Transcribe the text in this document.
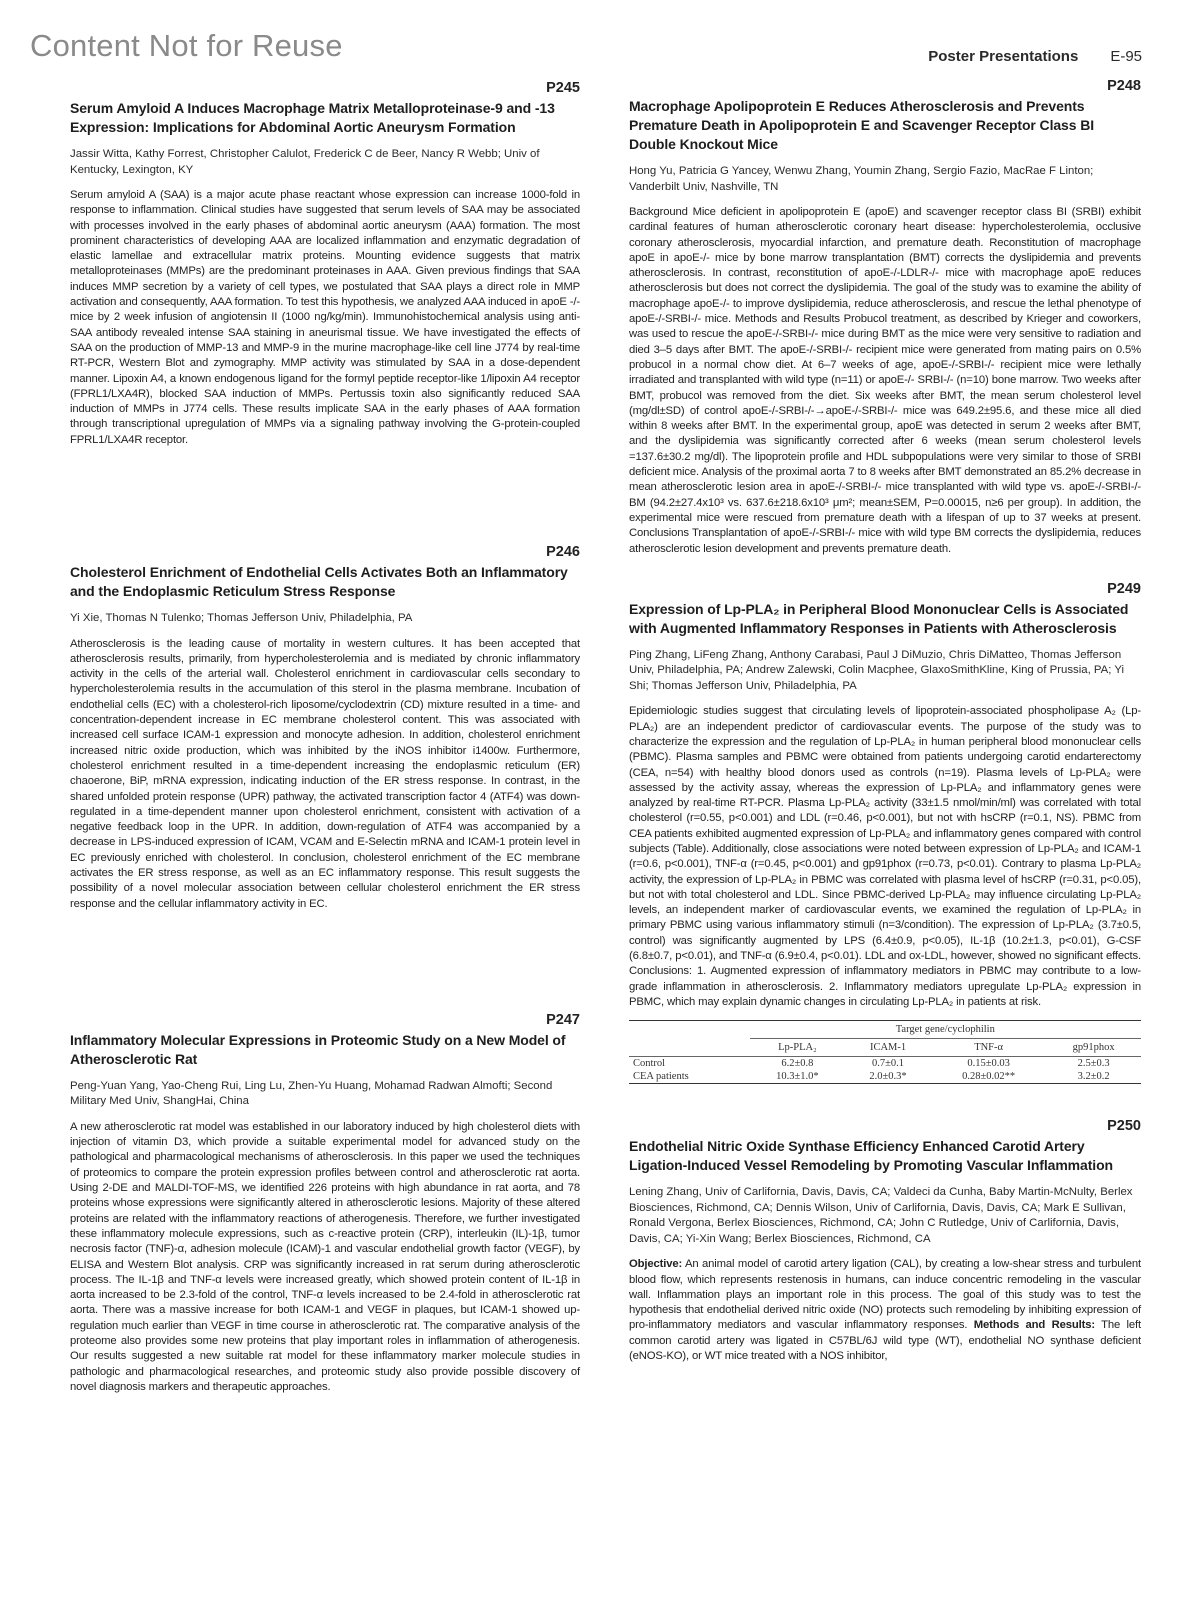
Content Not for Reuse	Poster Presentations E-95
P245
Serum Amyloid A Induces Macrophage Matrix Metalloproteinase-9 and -13 Expression: Implications for Abdominal Aortic Aneurysm Formation
Jassir Witta, Kathy Forrest, Christopher Calulot, Frederick C de Beer, Nancy R Webb; Univ of Kentucky, Lexington, KY

Serum amyloid A (SAA) is a major acute phase reactant whose expression can increase 1000-fold in response to inflammation. Clinical studies have suggested that serum levels of SAA may be associated with processes involved in the early phases of abdominal aortic aneurysm (AAA) formation. The most prominent characteristics of developing AAA are localized inflammation and enzymatic degradation of elastic lamellae and extracellular matrix proteins. Mounting evidence suggests that matrix metalloproteinases (MMPs) are the predominant proteinases in AAA. Given previous findings that SAA induces MMP secretion by a variety of cell types, we postulated that SAA plays a direct role in MMP activation and consequently, AAA formation. To test this hypothesis, we analyzed AAA induced in apoE -/- mice by 2 week infusion of angiotensin II (1000 ng/kg/min). Immunohistochemical analysis using anti-SAA antibody revealed intense SAA staining in aneurismal tissue. We have investigated the effects of SAA on the production of MMP-13 and MMP-9 in the murine macrophage-like cell line J774 by real-time RT-PCR, Western Blot and zymography. MMP activity was stimulated by SAA in a dose-dependent manner. Lipoxin A4, a known endogenous ligand for the formyl peptide receptor-like 1/lipoxin A4 receptor (FPRL1/LXA4R), blocked SAA induction of MMPs. Pertussis toxin also significantly reduced SAA induction of MMPs in J774 cells. These results implicate SAA in the early phases of AAA formation through transcriptional upregulation of MMPs via a signaling pathway involving the G-protein-coupled FPRL1/LXA4R receptor.

P246
Cholesterol Enrichment of Endothelial Cells Activates Both an Inflammatory and the Endoplasmic Reticulum Stress Response
Yi Xie, Thomas N Tulenko; Thomas Jefferson Univ, Philadelphia, PA

Atherosclerosis is the leading cause of mortality in western cultures. It has been accepted that atherosclerosis results, primarily, from hypercholesterolemia and is mediated by chronic inflammatory activity in the cells of the arterial wall. Cholesterol enrichment in cardiovascular cells secondary to hypercholesterolemia results in the accumulation of this sterol in the plasma membrane. Incubation of endothelial cells (EC) with a cholesterol-rich liposome/cyclodextrin (CD) mixture resulted in a time- and concentration-dependent increase in EC membrane cholesterol content. This was associated with increased cell surface ICAM-1 expression and monocyte adhesion. In addition, cholesterol enrichment increased nitric oxide production, which was inhibited by the iNOS inhibitor i1400w. Furthermore, cholesterol enrichment resulted in a time-dependent increasing the endoplasmic reticulum (ER) chaoerone, BiP, mRNA expression, indicating induction of the ER stress response. In contrast, in the shared unfolded protein response (UPR) pathway, the activated transcription factor 4 (ATF4) was down-regulated in a time-dependent manner upon cholesterol enrichment, consistent with activation of a negative feedback loop in the UPR. In addition, down-regulation of ATF4 was accompanied by a decrease in LPS-induced expression of ICAM, VCAM and E-Selectin mRNA and ICAM-1 protein level in EC previously enriched with cholesterol. In conclusion, cholesterol enrichment of the EC membrane activates the ER stress response, as well as an EC inflammatory response. This result suggests the possibility of a novel molecular association between cellular cholesterol enrichment the ER stress response and the cellular inflammatory activity in EC.

P247
Inflammatory Molecular Expressions in Proteomic Study on a New Model of Atherosclerotic Rat
Peng-Yuan Yang, Yao-Cheng Rui, Ling Lu, Zhen-Yu Huang, Mohamad Radwan Almofti; Second Military Med Univ, ShangHai, China

A new atherosclerotic rat model was established in our laboratory induced by high cholesterol diets with injection of vitamin D3, which provide a suitable experimental model for advanced study on the pathological and pharmacological mechanisms of atherosclerosis. In this paper we used the techniques of proteomics to compare the protein expression profiles between control and atherosclerotic rat aorta. Using 2-DE and MALDI-TOF-MS, we identified 226 proteins with high abundance in rat aorta, and 78 proteins whose expressions were significantly altered in atherosclerotic lesions. Majority of these altered proteins are related with the inflammatory reactions of atherogenesis. Therefore, we further investigated these inflammatory molecule expressions, such as c-reactive protein (CRP), interleukin (IL)-1β, tumor necrosis factor (TNF)-α, adhesion molecule (ICAM)-1 and vascular endothelial growth factor (VEGF), by ELISA and Western Blot analysis. CRP was significantly increased in rat serum during atherosclerotic process. The IL-1β and TNF-α levels were increased greatly, which showed protein content of IL-1β in aorta increased to be 2.3-fold of the control, TNF-α levels increased to be 2.4-fold in atherosclerotic rat aorta. There was a massive increase for both ICAM-1 and VEGF in plaques, but ICAM-1 showed up-regulation much earlier than VEGF in time course in atherosclerotic rat. The comparative analysis of the proteome also provides some new proteins that play important roles in inflammation of atherogenesis. Our results suggested a new suitable rat model for these inflammatory marker molecule studies in pathologic and pharmacological researches, and proteomic study also provide possible discovery of novel diagnosis markers and therapeutic approaches.

P248
Macrophage Apolipoprotein E Reduces Atherosclerosis and Prevents Premature Death in Apolipoprotein E and Scavenger Receptor Class BI Double Knockout Mice
Hong Yu, Patricia G Yancey, Wenwu Zhang, Youmin Zhang, Sergio Fazio, MacRae F Linton; Vanderbilt Univ, Nashville, TN

Background Mice deficient in apolipoprotein E (apoE) and scavenger receptor class BI (SRBI) exhibit cardinal features of human atherosclerotic coronary heart disease: hypercholesterolemia, occlusive coronary atherosclerosis, myocardial infarction, and premature death. Reconstitution of macrophage apoE in apoE-/- mice by bone marrow transplantation (BMT) corrects the dyslipidemia and prevents atherosclerosis. In contrast, reconstitution of apoE-/-LDLR-/- mice with macrophage apoE reduces atherosclerosis but does not correct the dyslipidemia. The goal of the study was to examine the ability of macrophage apoE-/- to improve dyslipidemia, reduce atherosclerosis, and rescue the lethal phenotype of apoE-/-SRBI-/- mice. Methods and Results Probucol treatment, as described by Krieger and coworkers, was used to rescue the apoE-/-SRBI-/- mice during BMT as the mice were very sensitive to radiation and died 3–5 days after BMT. The apoE-/-SRBI-/- recipient mice were generated from mating pairs on 0.5% probucol in a normal chow diet. At 6–7 weeks of age, apoE-/-SRBI-/- recipient mice were lethally irradiated and transplanted with wild type (n=11) or apoE-/- SRBI-/- (n=10) bone marrow. Two weeks after BMT, probucol was removed from the diet. Six weeks after BMT, the mean serum cholesterol level (mg/dl±SD) of control apoE-/-SRBI-/-→apoE-/-SRBI-/- mice was 649.2±95.6, and these mice all died within 8 weeks after BMT. In the experimental group, apoE was detected in serum 2 weeks after BMT, and the dyslipidemia was significantly corrected after 6 weeks (mean serum cholesterol levels =137.6±30.2 mg/dl). The lipoprotein profile and HDL subpopulations were very similar to those of SRBI deficient mice. Analysis of the proximal aorta 7 to 8 weeks after BMT demonstrated an 85.2% decrease in mean atherosclerotic lesion area in apoE-/-SRBI-/- mice transplanted with wild type vs. apoE-/-SRBI-/- BM (94.2±27.4x10³ vs. 637.6±218.6x10³ μm²; mean±SEM, P=0.00015, n≥6 per group). In addition, the experimental mice were rescued from premature death with a lifespan of up to 37 weeks at present. Conclusions Transplantation of apoE-/-SRBI-/- mice with wild type BM corrects the dyslipidemia, reduces atherosclerotic lesion development and prevents premature death.

P249
Expression of Lp-PLA₂ in Peripheral Blood Mononuclear Cells is Associated with Augmented Inflammatory Responses in Patients with Atherosclerosis
Ping Zhang, LiFeng Zhang, Anthony Carabasi, Paul J DiMuzio, Chris DiMatteo, Thomas Jefferson Univ, Philadelphia, PA; Andrew Zalewski, Colin Macphee, GlaxoSmithKline, King of Prussia, PA; Yi Shi; Thomas Jefferson Univ, Philadelphia, PA

Epidemiologic studies suggest that circulating levels of lipoprotein-associated phospholipase A₂ (Lp-PLA₂) are an independent predictor of cardiovascular events. The purpose of the study was to characterize the expression and the regulation of Lp-PLA₂ in human peripheral blood mononuclear cells (PBMC). Plasma samples and PBMC were obtained from patients undergoing carotid endarterectomy (CEA, n=54) with healthy blood donors used as controls (n=19). Plasma levels of Lp-PLA₂ were assessed by the activity assay, whereas the expression of Lp-PLA₂ and inflammatory genes were analyzed by real-time RT-PCR. Plasma Lp-PLA₂ activity (33±1.5 nmol/min/ml) was correlated with total cholesterol (r=0.55, p<0.001) and LDL (r=0.46, p<0.001), but not with hsCRP (r=0.1, NS). PBMC from CEA patients exhibited augmented expression of Lp-PLA₂ and inflammatory genes compared with control subjects (Table). Additionally, close associations were noted between expression of Lp-PLA₂ and ICAM-1 (r=0.6, p<0.001), TNF-α (r=0.45, p<0.001) and gp91phox (r=0.73, p<0.01). Contrary to plasma Lp-PLA₂ activity, the expression of Lp-PLA₂ in PBMC was correlated with plasma level of hsCRP (r=0.31, p<0.05), but not with total cholesterol and LDL. Since PBMC-derived Lp-PLA₂ may influence circulating Lp-PLA₂ levels, an independent marker of cardiovascular events, we examined the regulation of Lp-PLA₂ in primary PBMC using various inflammatory stimuli (n=3/condition). The expression of Lp-PLA₂ (3.7±0.5, control) was significantly augmented by LPS (6.4±0.9, p<0.05), IL-1β (10.2±1.3, p<0.01), G-CSF (6.8±0.7, p<0.01), and TNF-α (6.9±0.4, p<0.01). LDL and ox-LDL, however, showed no significant effects. Conclusions: 1. Augmented expression of inflammatory mediators in PBMC may contribute to a low-grade inflammation in atherosclerosis. 2. Inflammatory mediators upregulate Lp-PLA₂ expression in PBMC, which may explain dynamic changes in circulating Lp-PLA₂ in patients at risk.

	Target gene/cyclophilin			
	Lp-PLA₂	ICAM-1	TNF-α	gp91phox
Control	6.2±0.8	0.7±0.1	0.15±0.03	2.5±0.3
CEA patients	10.3±1.0*	2.0±0.3*	0.28±0.02**	3.2±0.2
P250
Endothelial Nitric Oxide Synthase Efficiency Enhanced Carotid Artery Ligation-Induced Vessel Remodeling by Promoting Vascular Inflammation
Lening Zhang, Univ of Carlifornia, Davis, Davis, CA; Valdeci da Cunha, Baby Martin-McNulty, Berlex Biosciences, Richmond, CA; Dennis Wilson, Univ of Carlifornia, Davis, Davis, CA; Mark E Sullivan, Ronald Vergona, Berlex Biosciences, Richmond, CA; John C Rutledge, Univ of Carlifornia, Davis, Davis, CA; Yi-Xin Wang; Berlex Biosciences, Richmond, CA

Objective: An animal model of carotid artery ligation (CAL), by creating a low-shear stress and turbulent blood flow, which represents restenosis in humans, can induce concentric remodeling in the vascular wall. Inflammation plays an important role in this process. The goal of this study was to test the hypothesis that endothelial derived nitric oxide (NO) protects such remodeling by inhibiting expression of pro-inflammatory mediators and vascular inflammatory responses. Methods and Results: The left common carotid artery was ligated in C57BL/6J wild type (WT), endothelial NO synthase deficient (eNOS-KO), or WT mice treated with a NOS inhibitor,
